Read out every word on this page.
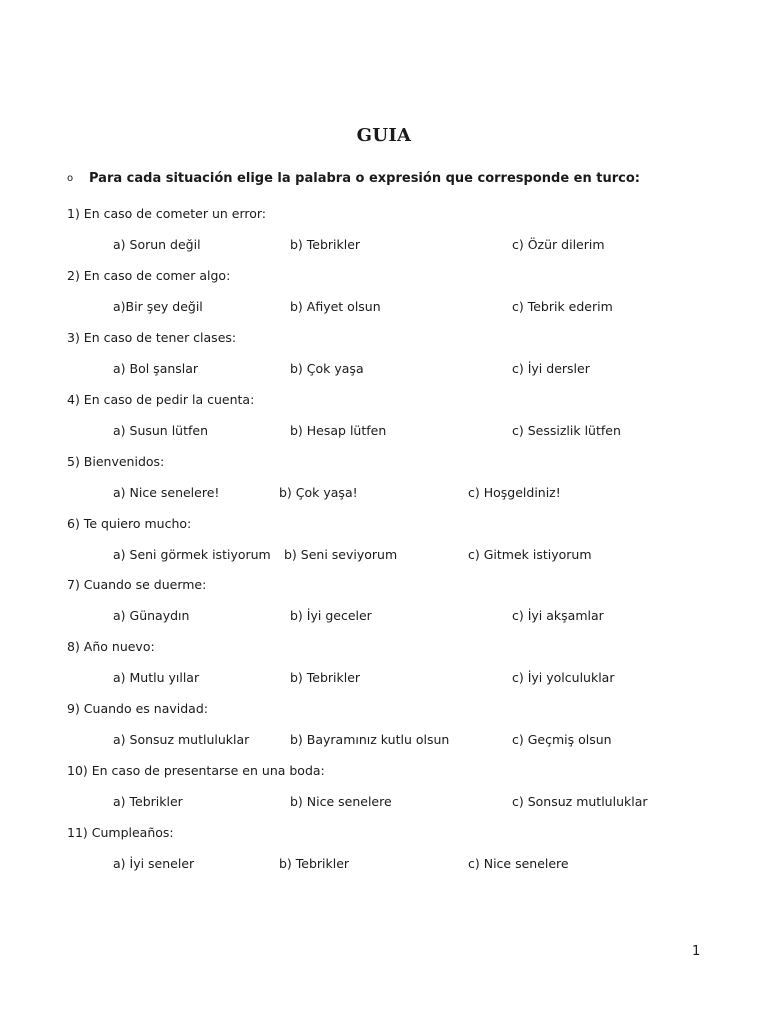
GUIA
o Para cada situación elige la palabra o expresión que corresponde en turco:
1) En caso de cometer un error:
a) Sorun değil	b) Tebrikler	c) Özür dilerim
2) En caso de comer algo:
a)Bir şey değil	b) Afiyet olsun	c) Tebrik ederim
3) En caso de tener clases:
a) Bol şanslar	b) Çok yaşa	c) İyi dersler
4) En caso de pedir la cuenta:
a) Susun lütfen	b) Hesap lütfen	c) Sessizlik lütfen
5) Bienvenidos:
a) Nice senelere!	b) Çok yaşa!	c) Hoşgeldiniz!
6) Te quiero mucho:
a) Seni görmek istiyorum b) Seni seviyorum	c) Gitmek istiyorum
7) Cuando se duerme:
a) Günaydın	b) İyi geceler	c) İyi akşamlar
8) Año nuevo:
a) Mutlu yıllar	b) Tebrikler	c) İyi yolculuklar
9) Cuando es navidad:
a) Sonsuz mutluluklar	b) Bayramınız kutlu olsun	c) Geçmiş olsun
10) En caso de presentarse en una boda:
a) Tebrikler	b) Nice senelere	c) Sonsuz mutluluklar
11) Cumpleaños:
a) İyi seneler	b) Tebrikler	c) Nice senelere
1
